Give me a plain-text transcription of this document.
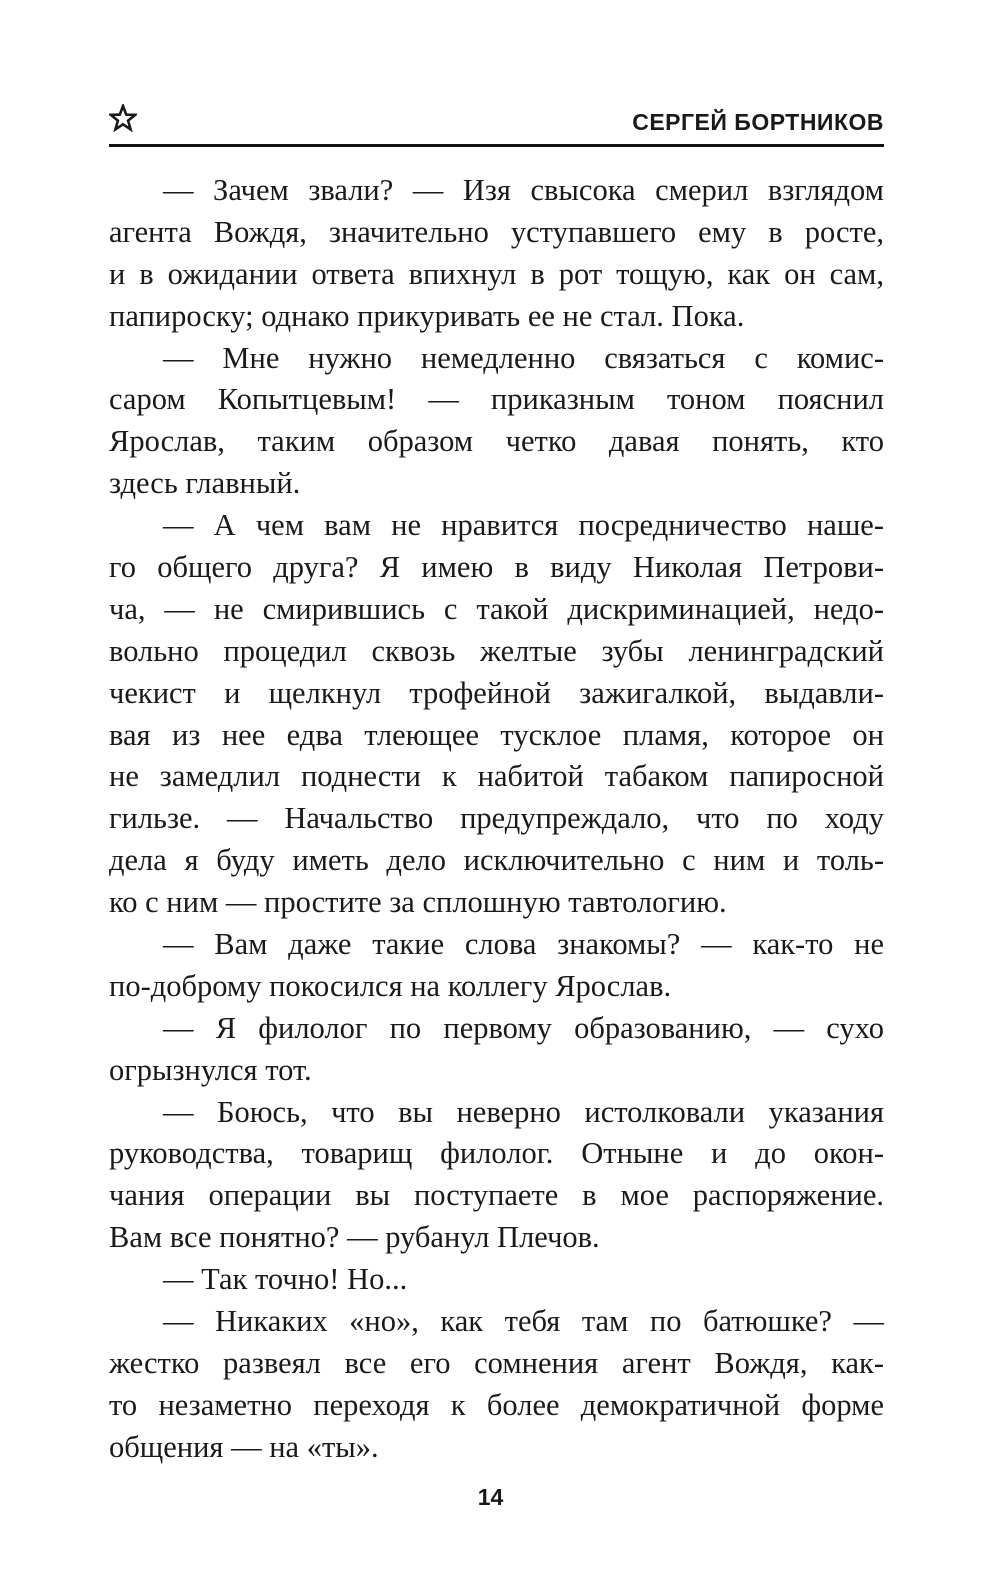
СЕРГЕЙ БОРТНИКОВ
— Зачем звали? — Изя свысока смерил взглядом
агента Вождя, значительно уступавшего ему в росте,
и в ожидании ответа впихнул в рот тощую, как он сам,
папироску; однако прикуривать ее не стал. Пока.
— Мне нужно немедленно связаться с комис-
саром Копытцевым! — приказным тоном пояснил
Ярослав, таким образом четко давая понять, кто
здесь главный.
— А чем вам не нравится посредничество наше-
го общего друга? Я имею в виду Николая Петрови-
ча, — не смирившись с такой дискриминацией, недо-
вольно процедил сквозь желтые зубы ленинградский
чекист и щелкнул трофейной зажигалкой, выдавли-
вая из нее едва тлеющее тусклое пламя, которое он
не замедлил поднести к набитой табаком папиросной
гильзе. — Начальство предупреждало, что по ходу
дела я буду иметь дело исключительно с ним и толь-
ко с ним — простите за сплошную тавтологию.
— Вам даже такие слова знакомы? — как-то не
по-доброму покосился на коллегу Ярослав.
— Я филолог по первому образованию, — сухо
огрызнулся тот.
— Боюсь, что вы неверно истолковали указания
руководства, товарищ филолог. Отныне и до окон-
чания операции вы поступаете в мое распоряжение.
Вам все понятно? — рубанул Плечов.
— Так точно! Но...
— Никаких «но», как тебя там по батюшке? —
жестко развеял все его сомнения агент Вождя, как-
то незаметно переходя к более демократичной форме
общения — на «ты».
14
